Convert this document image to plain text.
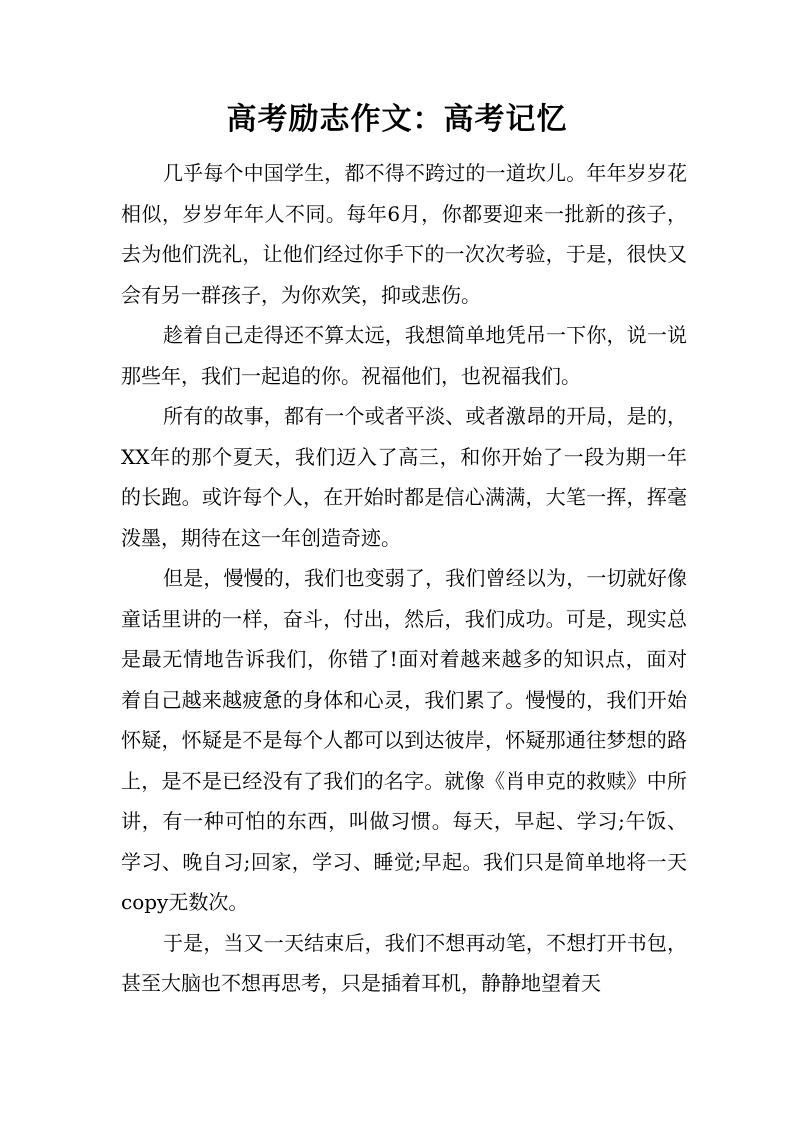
高考励志作文：高考记忆

几乎每个中国学生，都不得不跨过的一道坎儿。年年岁岁花相似，岁岁年年人不同。每年6月，你都要迎来一批新的孩子，去为他们洗礼，让他们经过你手下的一次次考验，于是，很快又会有另一群孩子，为你欢笑，抑或悲伤。

趁着自己走得还不算太远，我想简单地凭吊一下你，说一说那些年，我们一起追的你。祝福他们，也祝福我们。

所有的故事，都有一个或者平淡、或者激昂的开局，是的，XX年的那个夏天，我们迈入了高三，和你开始了一段为期一年的长跑。或许每个人，在开始时都是信心满满，大笔一挥，挥毫泼墨，期待在这一年创造奇迹。

但是，慢慢的，我们也变弱了，我们曾经以为，一切就好像童话里讲的一样，奋斗，付出，然后，我们成功。可是，现实总是最无情地告诉我们，你错了!面对着越来越多的知识点，面对着自己越来越疲惫的身体和心灵，我们累了。慢慢的，我们开始怀疑，怀疑是不是每个人都可以到达彼岸，怀疑那通往梦想的路上，是不是已经没有了我们的名字。就像《肖申克的救赎》中所讲，有一种可怕的东西，叫做习惯。每天，早起、学习;午饭、学习、晚自习;回家，学习、睡觉;早起。我们只是简单地将一天copy无数次。

于是，当又一天结束后，我们不想再动笔，不想打开书包，甚至大脑也不想再思考，只是插着耳机，静静地望着天
